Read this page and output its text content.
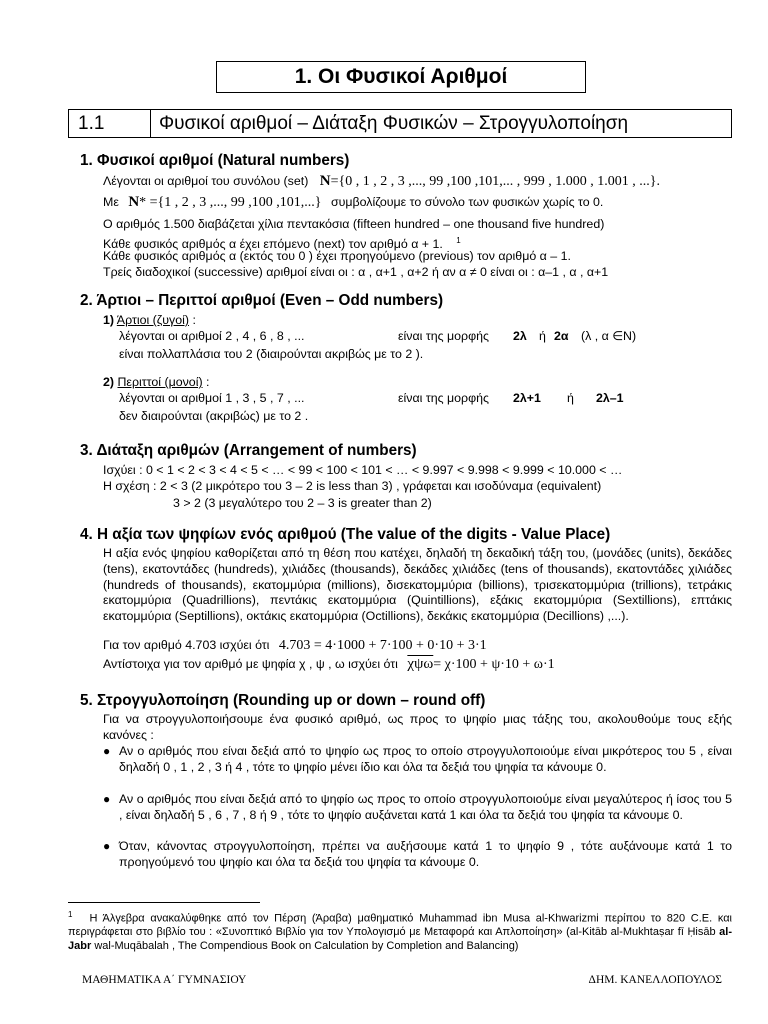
1. Οι Φυσικοί Αριθμοί
1.1	Φυσικοί αριθμοί – Διάταξη Φυσικών – Στρογγυλοποίηση
1. Φυσικοί αριθμοί (Natural numbers)
Λέγονται οι αριθμοί του συνόλου (set) N={0 , 1 , 2 , 3 ,..., 99 ,100 ,101,... , 999 , 1.000 , 1.001 , ...}.
Με N* ={1 , 2 , 3 ,..., 99 ,100 ,101,...} συμβολίζουμε το σύνολο των φυσικών χωρίς το 0.
Ο αριθμός 1.500 διαβάζεται χίλια πεντακόσια (fifteen hundred – one thousand five hundred)
Κάθε φυσικός αριθμός α έχει επόμενο (next) τον αριθμό α + 1. $^1$
Κάθε φυσικός αριθμός α (εκτός του 0 ) έχει προηγούμενο (previous) τον αριθμό α – 1.
Τρείς διαδοχικοί (successive) αριθμοί είναι οι : α , α+1 , α+2 ή αν α ≠ 0 είναι οι : α–1 , α , α+1
2. Άρτιοι – Περιττοί αριθμοί (Even – Odd numbers)
1) Άρτιοι (ζυγοί) :
λέγονται οι αριθμοί 2 , 4 , 6 , 8 , ...	είναι της μορφής 2λ ή 2α (λ , α ∈N)
είναι πολλαπλάσια του 2 (διαιρούνται ακριβώς με το 2 ).
2) Περιττοί (μονοί) :
λέγονται οι αριθμοί 1 , 3 , 5 , 7 , ...	είναι της μορφής 2λ+1 ή 2λ–1
δεν διαιρούνται (ακριβώς) με το 2 .
3. Διάταξη αριθμών (Arrangement of numbers)
Ισχύει : 0 < 1 < 2 < 3 < 4 < 5 < … < 99 < 100 < 101 < … < 9.997 < 9.998 < 9.999 < 10.000 < …
Η σχέση : 2 < 3 (2 μικρότερο του 3 – 2 is less than 3) , γράφεται και ισοδύναμα (equivalent)
3 > 2 (3 μεγαλύτερο του 2 – 3 is greater than 2)
4. Η αξία των ψηφίων ενός αριθμού (The value of the digits - Value Place)
Η αξία ενός ψηφίου καθορίζεται από τη θέση που κατέχει, δηλαδή τη δεκαδική τάξη του, (μονάδες (units), δεκάδες (tens), εκατοντάδες (hundreds), χιλιάδες (thousands), δεκάδες χιλιάδες (tens of thousands), εκατοντάδες χιλιάδες (hundreds of thousands), εκατομμύρια (millions), δισεκατομμύρια (billions), τρισεκατομμύρια (trillions), τετράκις εκατομμύρια (Quadrillions), πεντάκις εκατομμύρια (Quintillions), εξάκις εκατομμύρια (Sextillions), επτάκις εκατομμύρια (Septillions), οκτάκις εκατομμύρια (Octillions), δεκάκις εκατομμύρια (Decillions) ,...).
Για τον αριθμό 4.703 ισχύει ότι 4.703 = 4·1000 + 7·100 + 0·10 + 3·1
Αντίστοιχα για τον αριθμό με ψηφία χ , ψ , ω ισχύει ότι $\overline{\chi\psi\omega}= \chi\cdot 100 + \psi\cdot 10 + \omega\cdot 1$
5. Στρογγυλοποίηση (Rounding up or down – round off)
Για να στρογγυλοποιήσουμε ένα φυσικό αριθμό, ως προς το ψηφίο μιας τάξης του, ακολουθούμε τους εξής κανόνες :
● Αν ο αριθμός που είναι δεξιά από το ψηφίο ως προς το οποίο στρογγυλοποιούμε είναι μικρότερος του 5 , είναι δηλαδή 0 , 1 , 2 , 3 ή 4 , τότε το ψηφίο μένει ίδιο και όλα τα δεξιά του ψηφία τα κάνουμε 0.
● Αν ο αριθμός που είναι δεξιά από το ψηφίο ως προς το οποίο στρογγυλοποιούμε είναι μεγαλύτερος ή ίσος του 5 , είναι δηλαδή 5 , 6 , 7 , 8 ή 9 , τότε το ψηφίο αυξάνεται κατά 1 και όλα τα δεξιά του ψηφία τα κάνουμε 0.
● Όταν, κάνοντας στρογγυλοποίηση, πρέπει να αυξήσουμε κατά 1 το ψηφίο 9 , τότε αυξάνουμε κατά 1 το προηγούμενό του ψηφίο και όλα τα δεξιά του ψηφία τα κάνουμε 0.
$^1$ Η Άλγεβρα ανακαλύφθηκε από τον Πέρση (Άραβα) μαθηματικό Muhammad ibn Musa al-Khwarizmi περίπου το 820 C.E. και περιγράφεται στο βιβλίο του : «Συνοπτικό Βιβλίο για τον Υπολογισμό με Μεταφορά και Απλοποίηση» (al-Kitāb al-Mukhtaṣar fī Ḥisāb al-Jabr wal-Muqābalah , The Compendious Book on Calculation by Completion and Balancing)
ΜΑΘΗΜΑΤΙΚΑ Α΄ ΓΥΜΝΑΣΙΟΥ	ΔΗΜ. ΚΑΝΕΛΛΟΠΟΥΛΟΣ
